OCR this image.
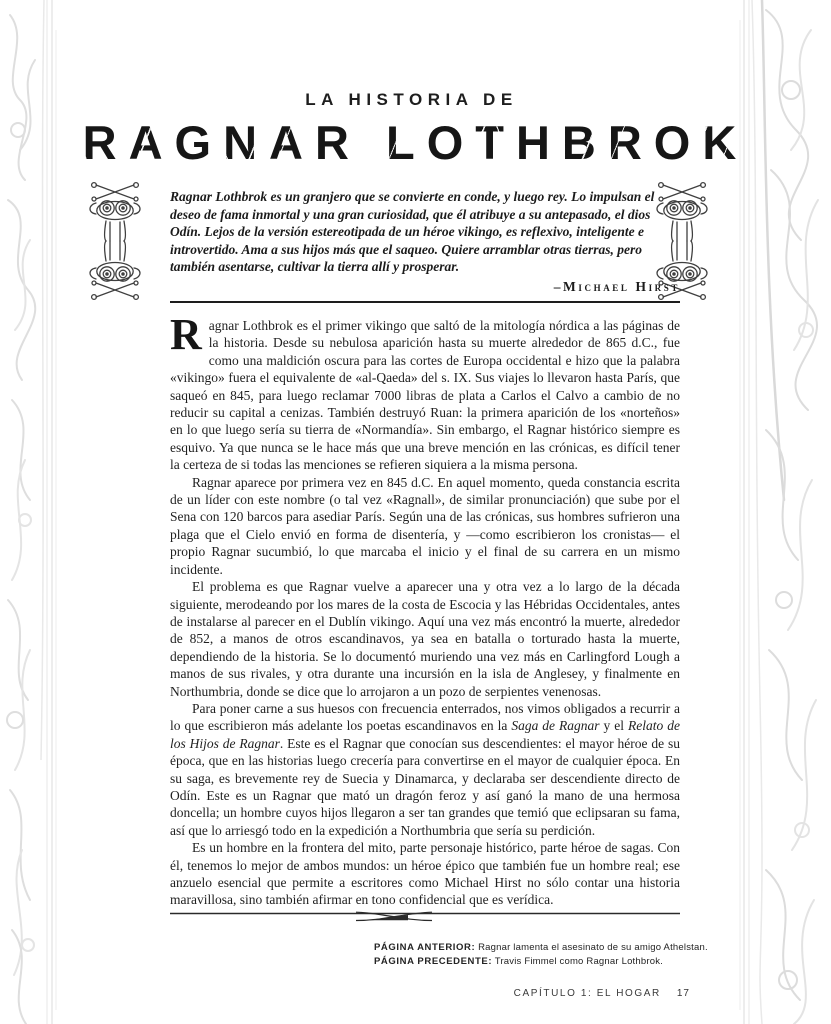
LA HISTORIA DE
RAGNAR LOTHBROK

Ragnar Lothbrok es un granjero que se convierte en conde, y luego rey. Lo impulsan el deseo de fama inmortal y una gran curiosidad, que él atribuye a su antepasado, el dios Odín. Lejos de la versión estereotipada de un héroe vikingo, es reflexivo, inteligente e introvertido. Ama a sus hijos más que el saqueo. Quiere arramblar otras tierras, pero también asentarse, cultivar la tierra allí y prosperar.

–Michael Hirst

Ragnar Lothbrok es el primer vikingo que saltó de la mitología nórdica a las páginas de la historia. Desde su nebulosa aparición hasta su muerte alrededor de 865 d.C., fue como una maldición oscura para las cortes de Europa occidental e hizo que la palabra «vikingo» fuera el equivalente de «al-Qaeda» del s. IX. Sus viajes lo llevaron hasta París, que saqueó en 845, para luego reclamar 7000 libras de plata a Carlos el Calvo a cambio de no reducir su capital a cenizas. También destruyó Ruan: la primera aparición de los «norteños» en lo que luego sería su tierra de «Normandía». Sin embargo, el Ragnar histórico siempre es esquivo. Ya que nunca se le hace más que una breve mención en las crónicas, es difícil tener la certeza de si todas las menciones se refieren siquiera a la misma persona.

Ragnar aparece por primera vez en 845 d.C. En aquel momento, queda constancia escrita de un líder con este nombre (o tal vez «Ragnall», de similar pronunciación) que sube por el Sena con 120 barcos para asediar París. Según una de las crónicas, sus hombres sufrieron una plaga que el Cielo envió en forma de disentería, y —como escribieron los cronistas— el propio Ragnar sucumbió, lo que marcaba el inicio y el final de su carrera en un mismo incidente.

El problema es que Ragnar vuelve a aparecer una y otra vez a lo largo de la década siguiente, merodeando por los mares de la costa de Escocia y las Hébridas Occidentales, antes de instalarse al parecer en el Dublín vikingo. Aquí una vez más encontró la muerte, alrededor de 852, a manos de otros escandinavos, ya sea en batalla o torturado hasta la muerte, dependiendo de la historia. Se lo documentó muriendo una vez más en Carlingford Lough a manos de sus rivales, y otra durante una incursión en la isla de Anglesey, y finalmente en Northumbria, donde se dice que lo arrojaron a un pozo de serpientes venenosas.

Para poner carne a sus huesos con frecuencia enterrados, nos vimos obligados a recurrir a lo que escribieron más adelante los poetas escandinavos en la Saga de Ragnar y el Relato de los Hijos de Ragnar. Este es el Ragnar que conocían sus descendientes: el mayor héroe de su época, que en las historias luego crecería para convertirse en el mayor de cualquier época. En su saga, es brevemente rey de Suecia y Dinamarca, y declaraba ser descendiente directo de Odín. Este es un Ragnar que mató un dragón feroz y así ganó la mano de una hermosa doncella; un hombre cuyos hijos llegaron a ser tan grandes que temió que eclipsaran su fama, así que lo arriesgó todo en la expedición a Northumbria que sería su perdición.

Es un hombre en la frontera del mito, parte personaje histórico, parte héroe de sagas. Con él, tenemos lo mejor de ambos mundos: un héroe épico que también fue un hombre real; ese anzuelo esencial que permite a escritores como Michael Hirst no sólo contar una historia maravillosa, sino también afirmar en tono confidencial que es verídica.

PÁGINA ANTERIOR: Ragnar lamenta el asesinato de su amigo Athelstan.
PÁGINA PRECEDENTE: Travis Fimmel como Ragnar Lothbrok.
CAPÍTULO 1: EL HOGAR 17
